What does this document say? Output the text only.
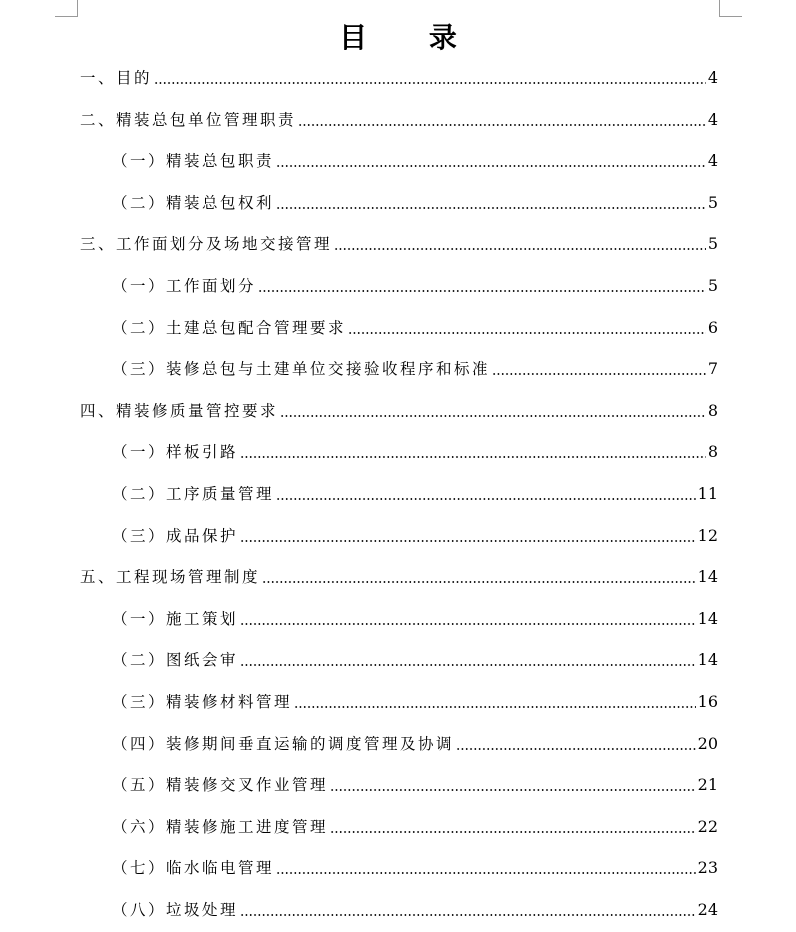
目 录
一、目的	4
二、精装总包单位管理职责	4
（一）精装总包职责	4
（二）精装总包权利	5
三、工作面划分及场地交接管理	5
（一）工作面划分	5
（二）土建总包配合管理要求	6
（三）装修总包与土建单位交接验收程序和标准	7
四、精装修质量管控要求	8
（一）样板引路	8
（二）工序质量管理	11
（三）成品保护	12
五、工程现场管理制度	14
（一）施工策划	14
（二）图纸会审	14
（三）精装修材料管理	16
（四）装修期间垂直运输的调度管理及协调	20
（五）精装修交叉作业管理	21
（六）精装修施工进度管理	22
（七）临水临电管理	23
（八）垃圾处理	24
